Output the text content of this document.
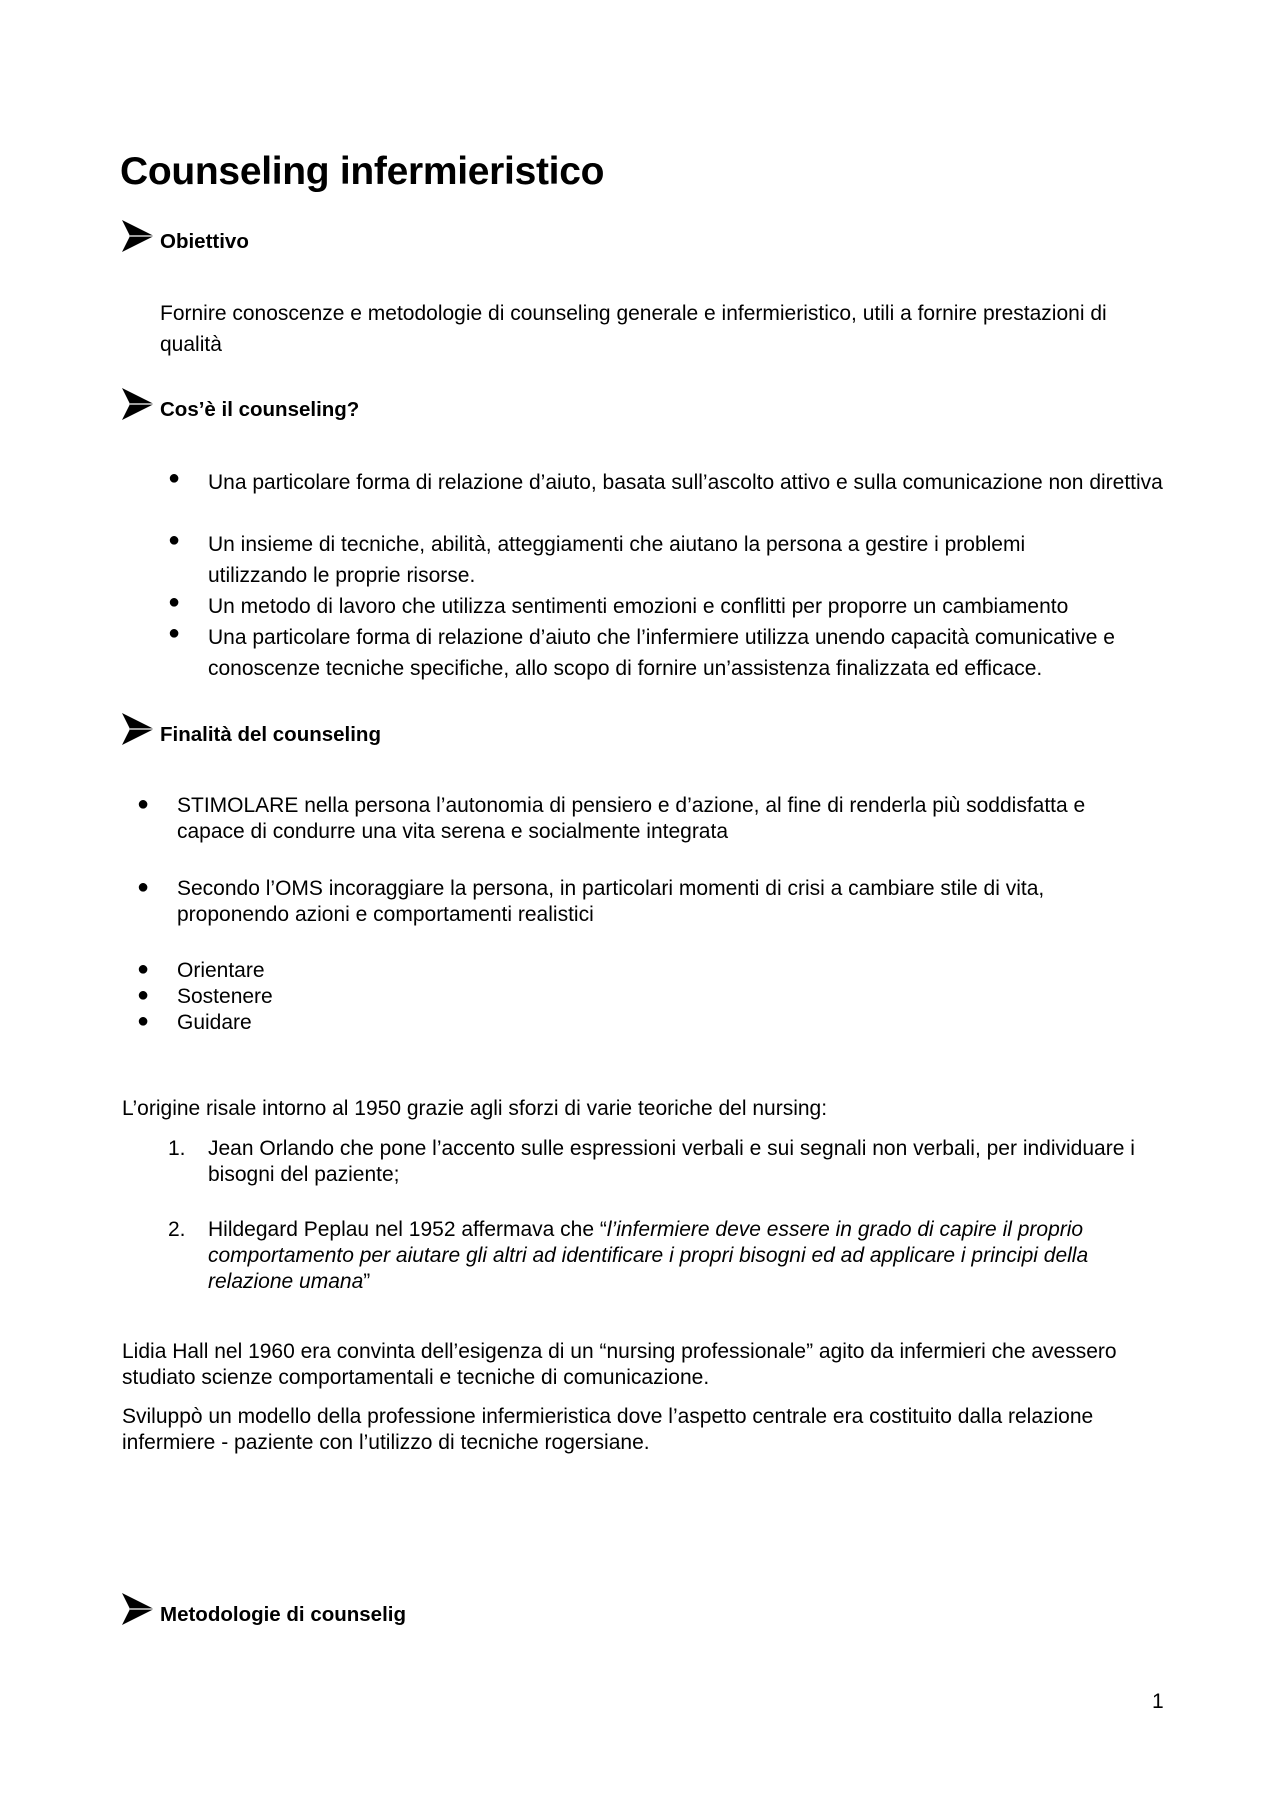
Counseling infermieristico
Obiettivo
Fornire conoscenze e metodologie di counseling generale e infermieristico, utili a fornire prestazioni di qualità
Cos’è il counseling?
● Una particolare forma di relazione d’aiuto, basata sull’ascolto attivo e sulla comunicazione non direttiva
● Un insieme di tecniche, abilità, atteggiamenti che aiutano la persona a gestire i problemi utilizzando le proprie risorse.
● Un metodo di lavoro che utilizza sentimenti emozioni e conflitti per proporre un cambiamento
● Una particolare forma di relazione d’aiuto che l’infermiere utilizza unendo capacità comunicative e conoscenze tecniche specifiche, allo scopo di fornire un’assistenza finalizzata ed efficace.
Finalità del counseling
● STIMOLARE nella persona l’autonomia di pensiero e d’azione, al fine di renderla più soddisfatta e capace di condurre una vita serena e socialmente integrata
● Secondo l’OMS incoraggiare la persona, in particolari momenti di crisi a cambiare stile di vita, proponendo azioni e comportamenti realistici
● Orientare
● Sostenere
● Guidare
L’origine risale intorno al 1950 grazie agli sforzi di varie teoriche del nursing:
1. Jean Orlando che pone l’accento sulle espressioni verbali e sui segnali non verbali, per individuare i bisogni del paziente;
2. Hildegard Peplau nel 1952 affermava che “l’infermiere deve essere in grado di capire il proprio comportamento per aiutare gli altri ad identificare i propri bisogni ed ad applicare i principi della relazione umana”
Lidia Hall nel 1960 era convinta dell’esigenza di un “nursing professionale” agito da infermieri che avessero studiato scienze comportamentali e tecniche di comunicazione.
Sviluppò un modello della professione infermieristica dove l’aspetto centrale era costituito dalla relazione infermiere - paziente con l’utilizzo di tecniche rogersiane.
Metodologie di counselig
1
